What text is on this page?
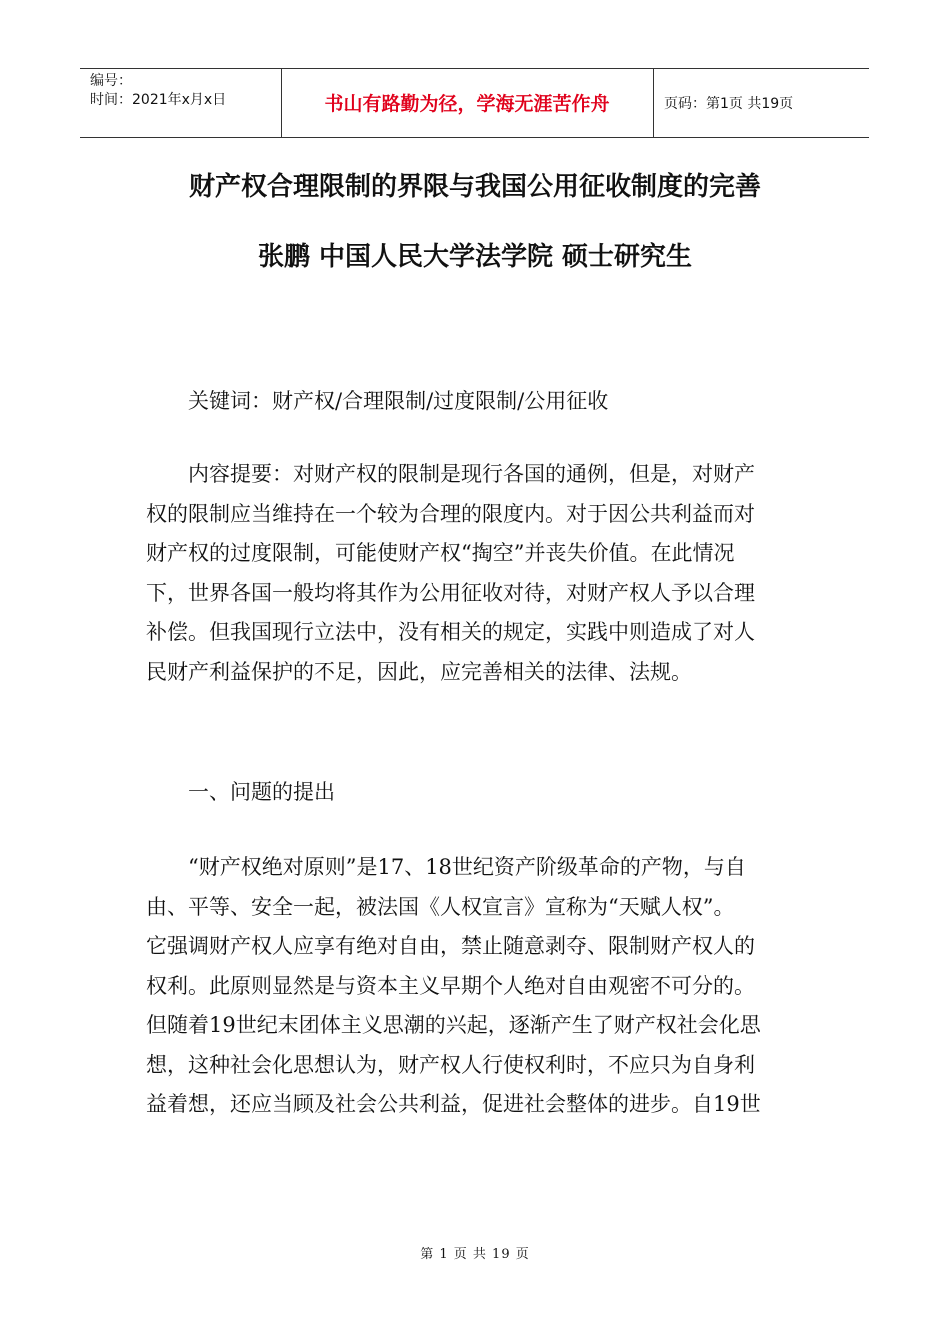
编号：
时间：2021年x月x日	书山有路勤为径，学海无涯苦作舟	页码：第1页 共19页
财产权合理限制的界限与我国公用征收制度的完善
张鹏 中国人民大学法学院 硕士研究生

关键词：财产权/合理限制/过度限制/公用征收

内容提要：对财产权的限制是现行各国的通例，但是，对财产
权的限制应当维持在一个较为合理的限度内。对于因公共利益而对
财产权的过度限制，可能使财产权“掏空”并丧失价值。在此情况
下，世界各国一般均将其作为公用征收对待，对财产权人予以合理
补偿。但我国现行立法中，没有相关的规定，实践中则造成了对人
民财产利益保护的不足，因此，应完善相关的法律、法规。

一、问题的提出

“财产权绝对原则”是17、18世纪资产阶级革命的产物，与自
由、平等、安全一起，被法国《人权宣言》宣称为“天赋人权”。
它强调财产权人应享有绝对自由，禁止随意剥夺、限制财产权人的
权利。此原则显然是与资本主义早期个人绝对自由观密不可分的。
但随着19世纪末团体主义思潮的兴起，逐渐产生了财产权社会化思
想，这种社会化思想认为，财产权人行使权利时，不应只为自身利
益着想，还应当顾及社会公共利益，促进社会整体的进步。自19世

第 1 页 共 19 页
